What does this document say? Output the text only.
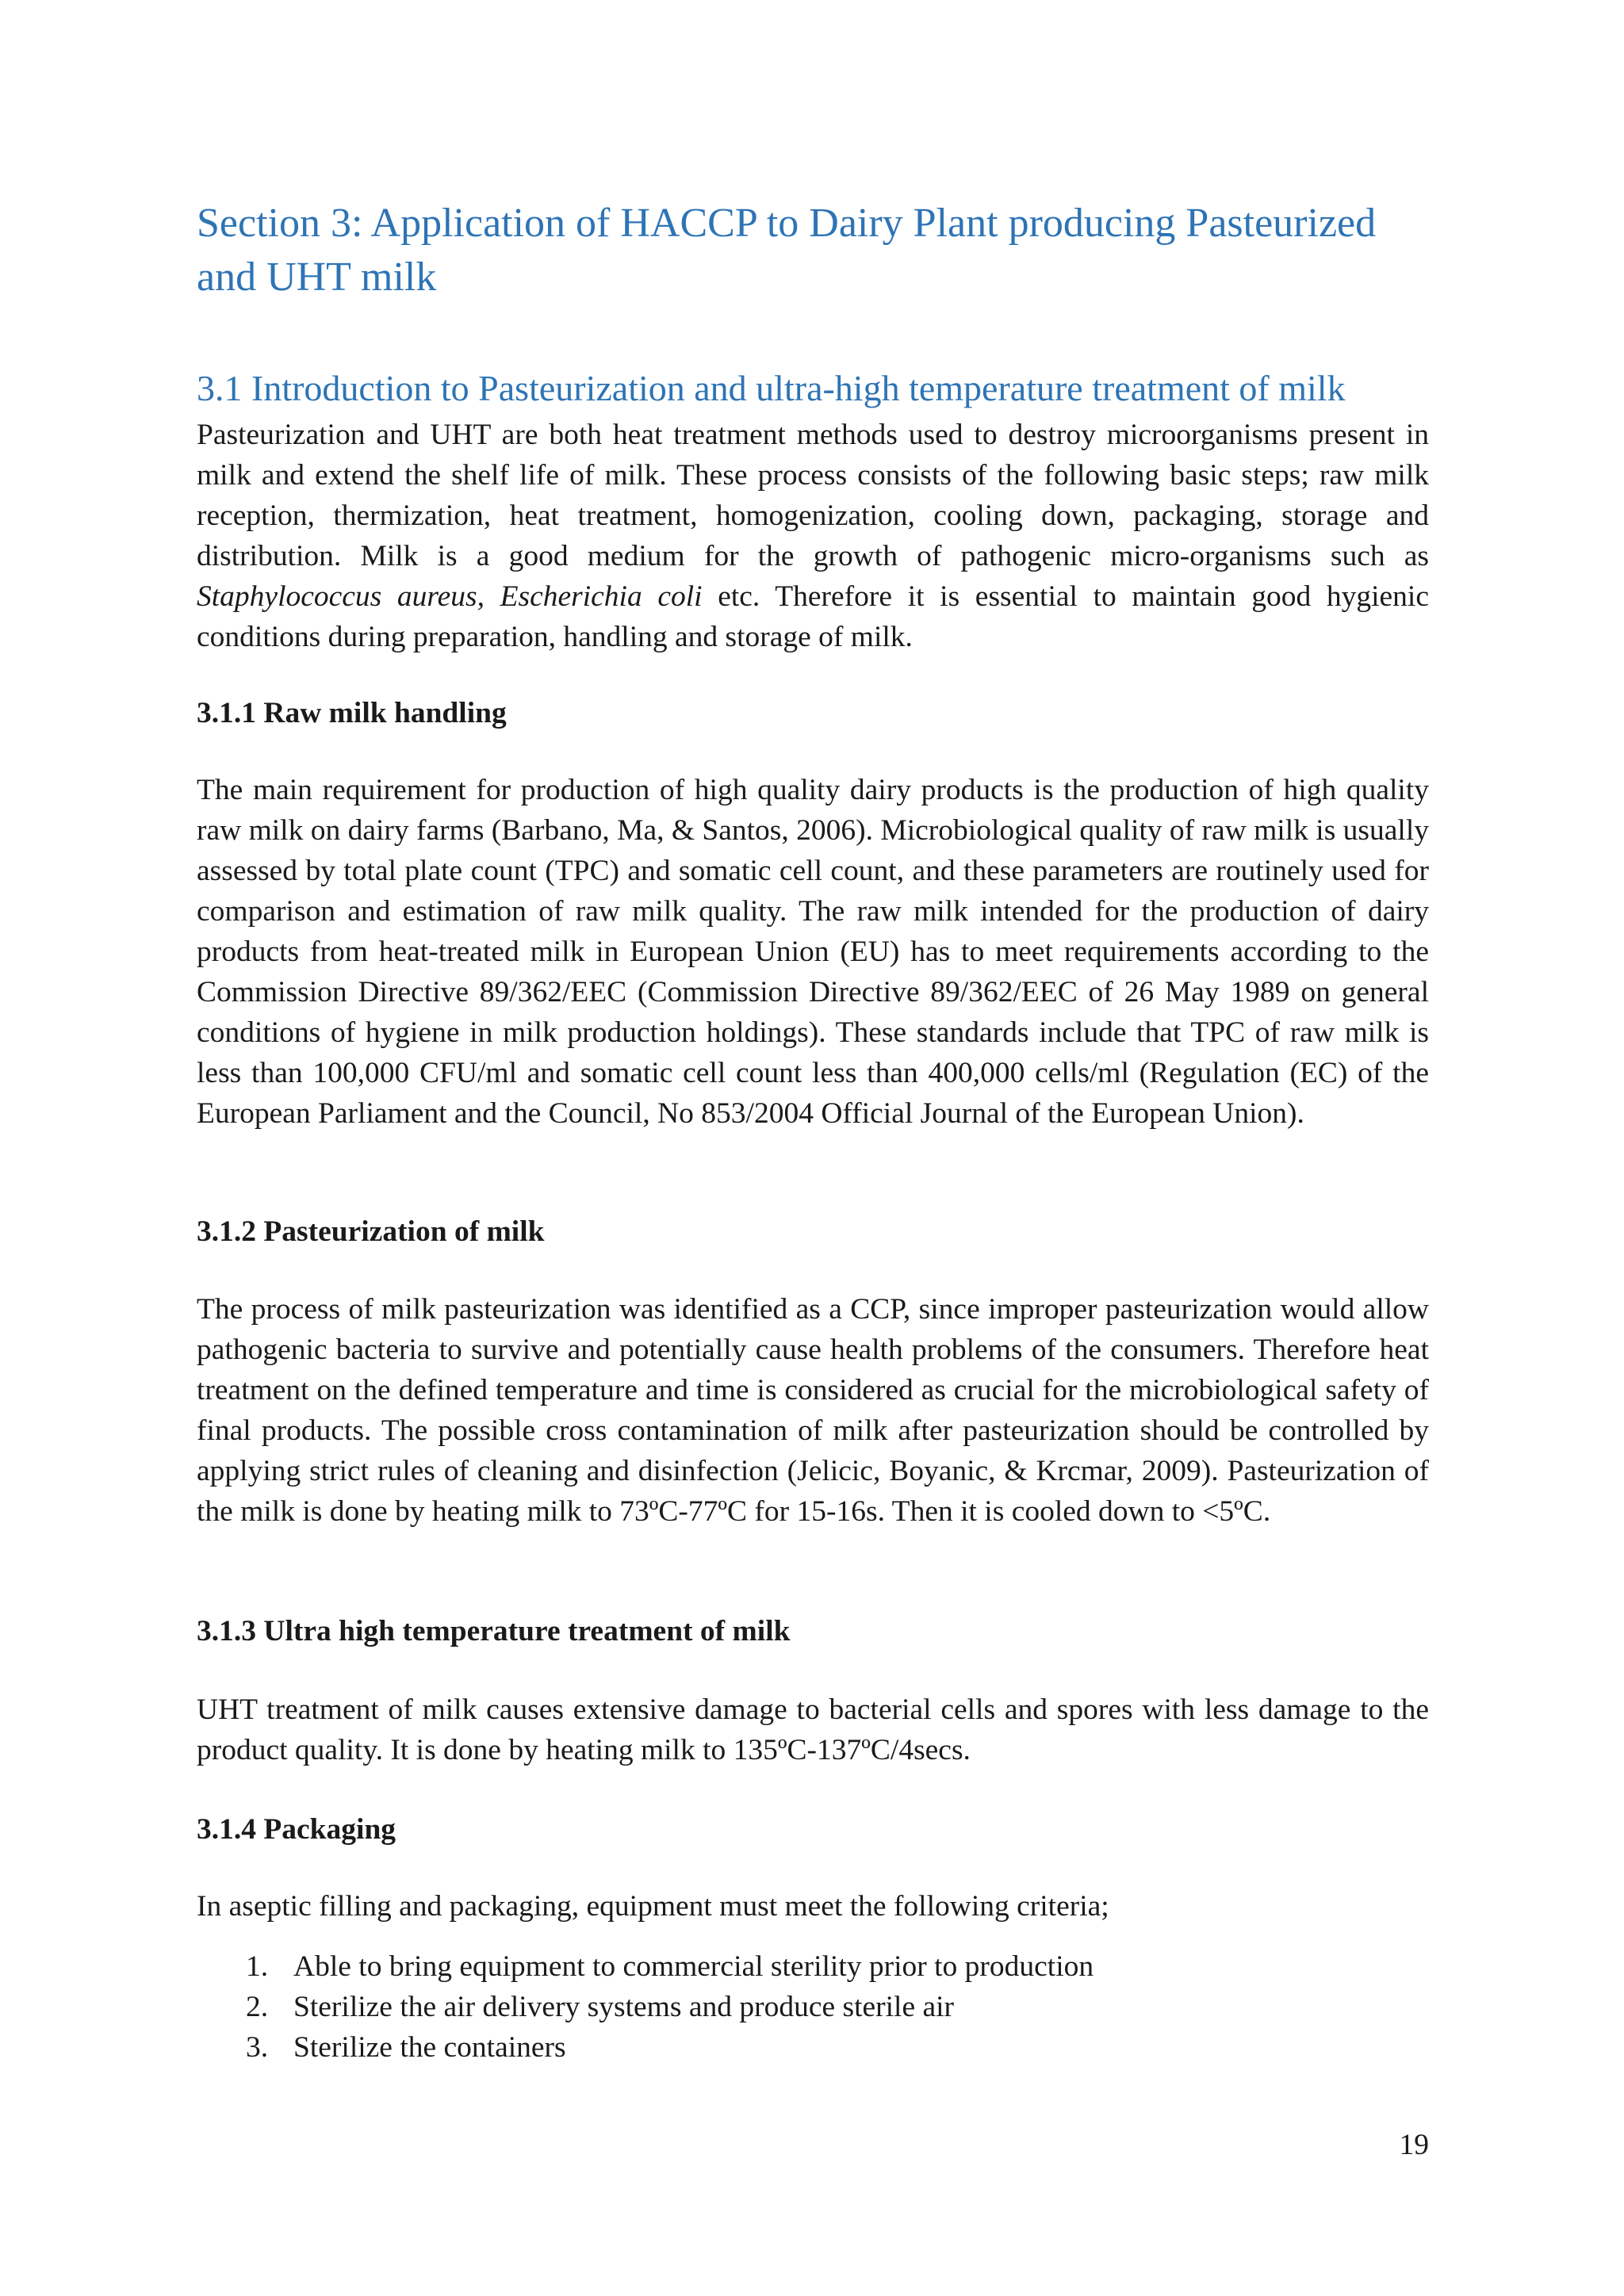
Section 3: Application of HACCP to Dairy Plant producing Pasteurized and UHT milk
3.1 Introduction to Pasteurization and ultra-high temperature treatment of milk

Pasteurization and UHT are both heat treatment methods used to destroy microorganisms present in milk and extend the shelf life of milk. These process consists of the following basic steps; raw milk reception, thermization, heat treatment, homogenization, cooling down, packaging, storage and distribution. Milk is a good medium for the growth of pathogenic micro-organisms such as Staphylococcus aureus, Escherichia coli etc. Therefore it is essential to maintain good hygienic conditions during preparation, handling and storage of milk.

3.1.1 Raw milk handling

The main requirement for production of high quality dairy products is the production of high quality raw milk on dairy farms (Barbano, Ma, & Santos, 2006). Microbiological quality of raw milk is usually assessed by total plate count (TPC) and somatic cell count, and these parameters are routinely used for comparison and estimation of raw milk quality. The raw milk intended for the production of dairy products from heat-treated milk in European Union (EU) has to meet requirements according to the Commission Directive 89/362/EEC (Commission Directive 89/362/EEC of 26 May 1989 on general conditions of hygiene in milk production holdings). These standards include that TPC of raw milk is less than 100,000 CFU/ml and somatic cell count less than 400,000 cells/ml (Regulation (EC) of the European Parliament and the Council, No 853/2004 Official Journal of the European Union).

3.1.2 Pasteurization of milk

The process of milk pasteurization was identified as a CCP, since improper pasteurization would allow pathogenic bacteria to survive and potentially cause health problems of the consumers. Therefore heat treatment on the defined temperature and time is considered as crucial for the microbiological safety of final products. The possible cross contamination of milk after pasteurization should be controlled by applying strict rules of cleaning and disinfection (Jelicic, Boyanic, & Krcmar, 2009). Pasteurization of the milk is done by heating milk to 73ºC-77ºC for 15-16s. Then it is cooled down to <5ºC.

3.1.3 Ultra high temperature treatment of milk

UHT treatment of milk causes extensive damage to bacterial cells and spores with less damage to the product quality. It is done by heating milk to 135ºC-137ºC/4secs.

3.1.4 Packaging

In aseptic filling and packaging, equipment must meet the following criteria;

1. Able to bring equipment to commercial sterility prior to production
2. Sterilize the air delivery systems and produce sterile air
3. Sterilize the containers
19
